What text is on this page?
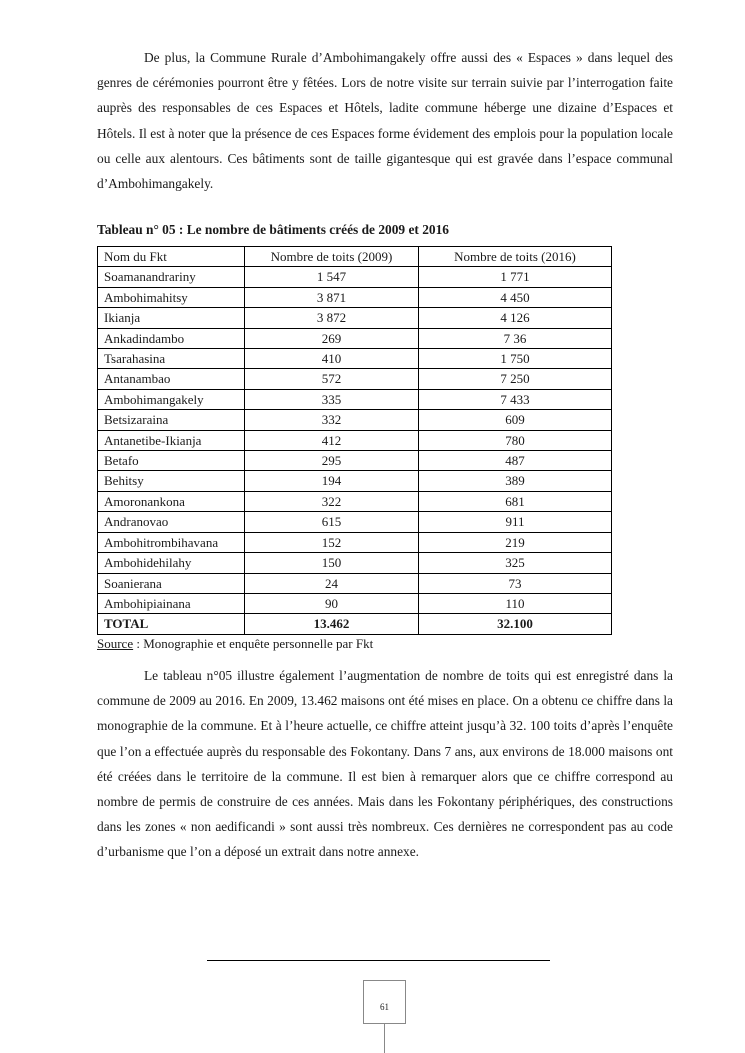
De plus, la Commune Rurale d’Ambohimangakely offre aussi des « Espaces » dans lequel des genres de cérémonies pourront être y fêtées. Lors de notre visite sur terrain suivie par l’interrogation faite auprès des responsables de ces Espaces et Hôtels, ladite commune héberge une dizaine d’Espaces et Hôtels. Il est à noter que la présence de ces Espaces forme évidement des emplois pour la population locale ou celle aux alentours. Ces bâtiments sont de taille gigantesque qui est gravée dans l’espace communal d’Ambohimangakely.

Tableau n° 05 : Le nombre de bâtiments créés de 2009 et 2016

Nom du Fkt	Nombre de toits (2009)	Nombre de toits (2016)
Soamanandrariny	1 547	1 771
Ambohimahitsy	3 871	4 450
Ikianja	3 872	4 126
Ankadindambo	269	7 36
Tsarahasina	410	1 750
Antanambao	572	7 250
Ambohimangakely	335	7 433
Betsizaraina	332	609
Antanetibe-Ikianja	412	780
Betafo	295	487
Behitsy	194	389
Amoronankona	322	681
Andranovao	615	911
Ambohitrombihavana	152	219
Ambohidehilahy	150	325
Soanierana	24	73
Ambohipiainana	90	110
TOTAL	13.462	32.100

Source : Monographie et enquête personnelle par Fkt

Le tableau n°05 illustre également l’augmentation de nombre de toits qui est enregistré dans la commune de 2009 au 2016. En 2009, 13.462 maisons ont été mises en place. On a obtenu ce chiffre dans la monographie de la commune. Et à l’heure actuelle, ce chiffre atteint jusqu’à 32. 100 toits d’après l’enquête que l’on a effectuée auprès du responsable des Fokontany. Dans 7 ans, aux environs de 18.000 maisons ont été créées dans le territoire de la commune. Il est bien à remarquer alors que ce chiffre correspond au nombre de permis de construire de ces années. Mais dans les Fokontany périphériques, des constructions dans les zones « non aedificandi » sont aussi très nombreux. Ces dernières ne correspondent pas au code d’urbanisme que l’on a déposé un extrait dans notre annexe.

61
